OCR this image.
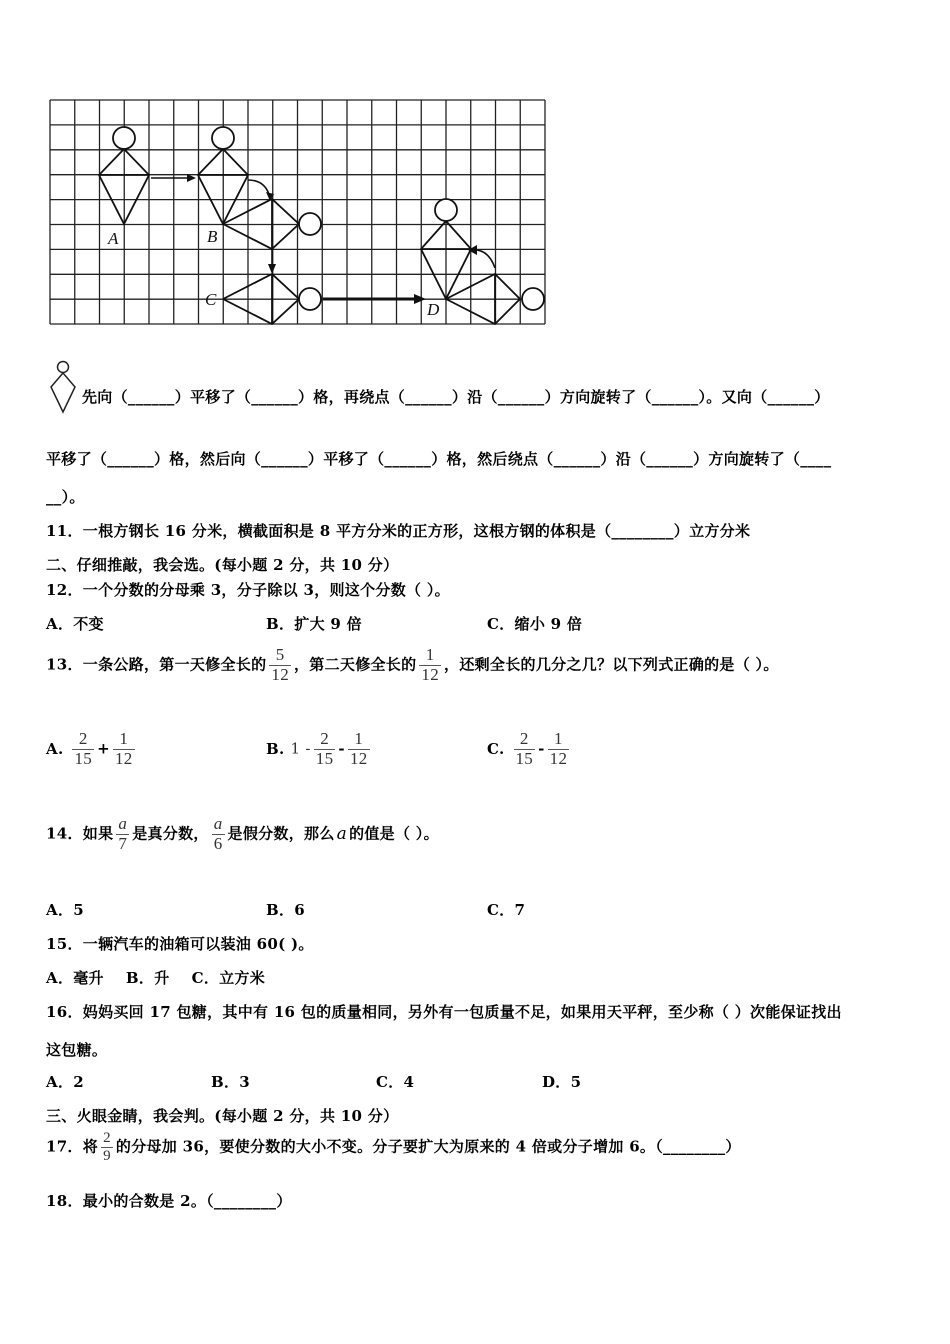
A	B
C
D
先向（______）平移了（______）格，再绕点（______）沿（______）方向旋转了（______）。又向（______）
平移了（______）格，然后向（______）平移了（______）格，然后绕点（______）沿（______）方向旋转了（____
__）。
11．一根方钢长 16 分米，横截面积是 8 平方分米的正方形，这根方钢的体积是（________）立方分米
二、仔细推敲，我会选。(每小题 2 分，共 10 分）
12．一个分数的分母乘 3，分子除以 3，则这个分数（ ）。
A．不变	B．扩大 9 倍	C．缩小 9 倍
13．一条公路，第一天修全长的 $\frac{5}{12}$ ，第二天修全长的 $\frac{1}{12}$ ，还剩全长的几分之几？以下列式正确的是（ ）。
A. $\frac{2}{15} + \frac{1}{12}$	B. $1 - \frac{2}{15} - \frac{1}{12}$	C. $\frac{2}{15} - \frac{1}{12}$
14．如果 $\frac{a}{7}$ 是真分数， $\frac{a}{6}$ 是假分数，那么 a 的值是（ ）。
A．5	B．6	C．7
15．一辆汽车的油箱可以装油 60( )。
A．毫升    B．升    C．立方米
16．妈妈买回 17 包糖，其中有 16 包的质量相同，另外有一包质量不足，如果用天平秤，至少称（ ）次能保证找出
这包糖。
A．2	B．3	C．4	D．5
三、火眼金睛，我会判。(每小题 2 分，共 10 分）
17．将 $\frac{2}{9}$ 的分母加 36，要使分数的大小不变。分子要扩大为原来的 4 倍或分子增加 6。（________）
18．最小的合数是 2。（________）
